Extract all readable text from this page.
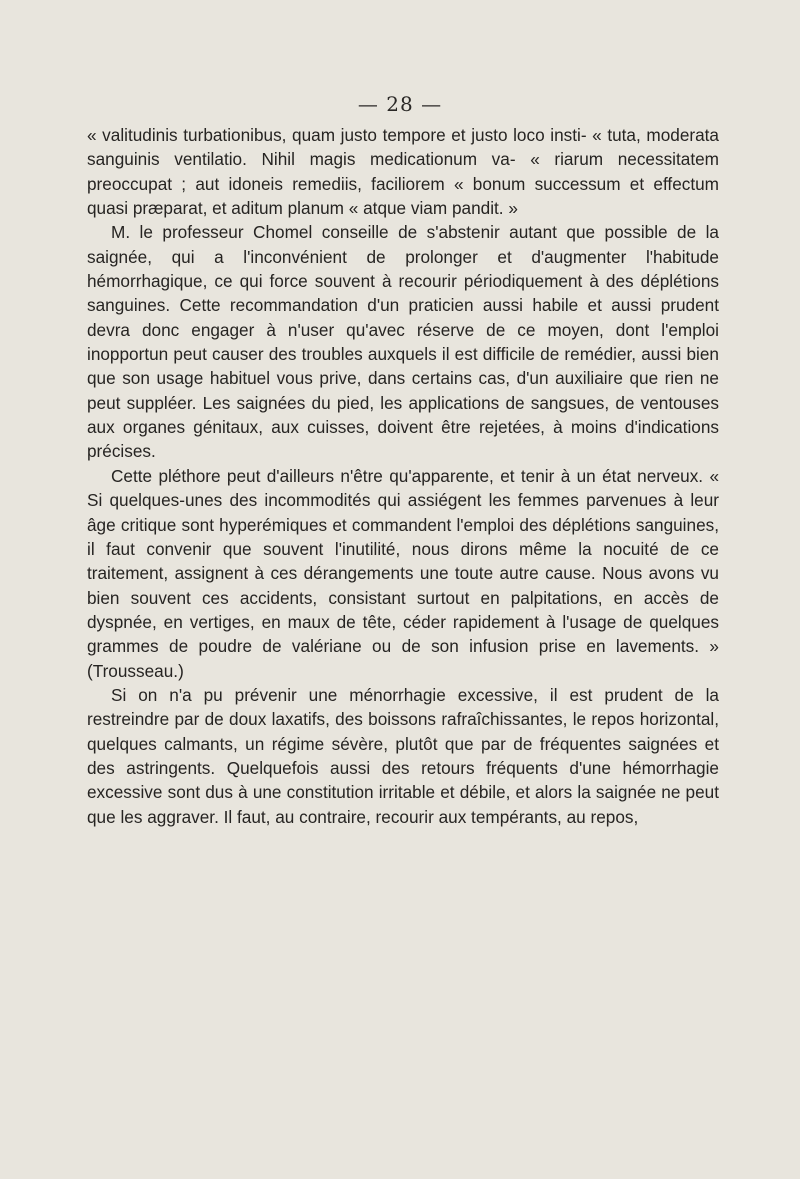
— 28 —

« valitudinis turbationibus, quam justo tempore et justo loco insti- « tuta, moderata sanguinis ventilatio. Nihil magis medicationum va- « riarum necessitatem preoccupat ; aut idoneis remediis, faciliorem « bonum successum et effectum quasi præparat, et aditum planum « atque viam pandit. »

M. le professeur Chomel conseille de s'abstenir autant que possible de la saignée, qui a l'inconvénient de prolonger et d'augmenter l'habitude hémorrhagique, ce qui force souvent à recourir périodiquement à des déplétions sanguines. Cette recommandation d'un praticien aussi habile et aussi prudent devra donc engager à n'user qu'avec réserve de ce moyen, dont l'emploi inopportun peut causer des troubles auxquels il est difficile de remédier, aussi bien que son usage habituel vous prive, dans certains cas, d'un auxiliaire que rien ne peut suppléer. Les saignées du pied, les applications de sangsues, de ventouses aux organes génitaux, aux cuisses, doivent être rejetées, à moins d'indications précises.

Cette pléthore peut d'ailleurs n'être qu'apparente, et tenir à un état nerveux. « Si quelques-unes des incommodités qui assiégent les femmes parvenues à leur âge critique sont hyperémiques et commandent l'emploi des déplétions sanguines, il faut convenir que souvent l'inutilité, nous dirons même la nocuité de ce traitement, assignent à ces dérangements une toute autre cause. Nous avons vu bien souvent ces accidents, consistant surtout en palpitations, en accès de dyspnée, en vertiges, en maux de tête, céder rapidement à l'usage de quelques grammes de poudre de valériane ou de son infusion prise en lavements. » (Trousseau.)

Si on n'a pu prévenir une ménorrhagie excessive, il est prudent de la restreindre par de doux laxatifs, des boissons rafraîchissantes, le repos horizontal, quelques calmants, un régime sévère, plutôt que par de fréquentes saignées et des astringents. Quelquefois aussi des retours fréquents d'une hémorrhagie excessive sont dus à une constitution irritable et débile, et alors la saignée ne peut que les aggraver. Il faut, au contraire, recourir aux tempérants, au repos,
